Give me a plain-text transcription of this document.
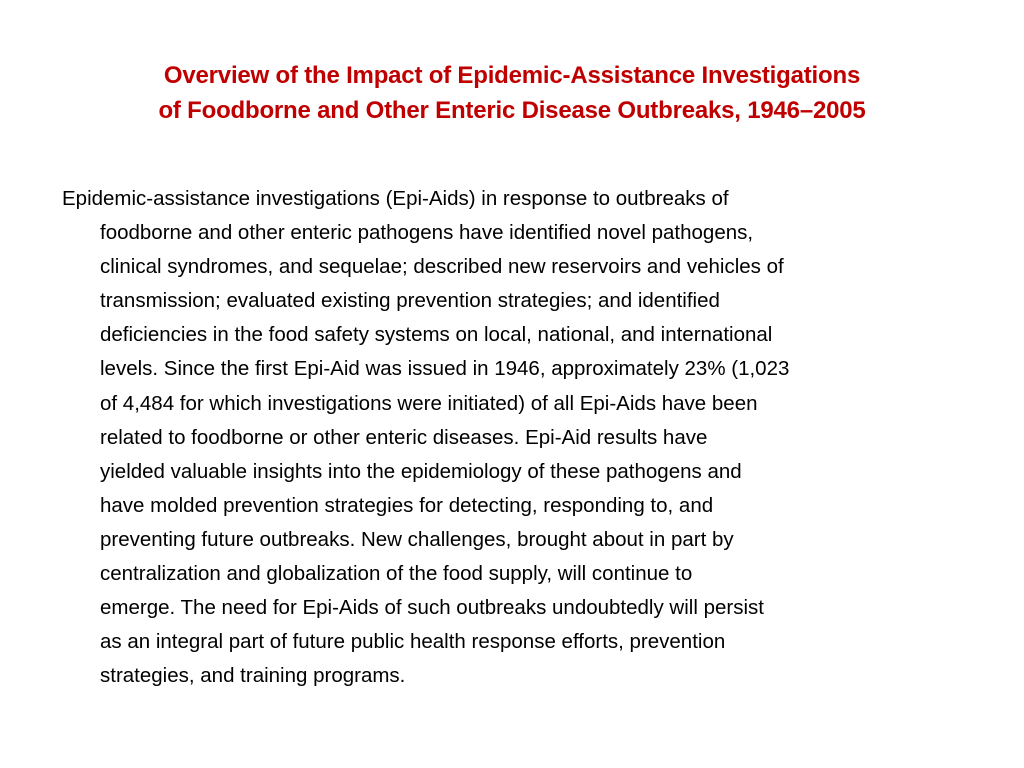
Overview of the Impact of Epidemic-Assistance Investigations
of Foodborne and Other Enteric Disease Outbreaks, 1946–2005

Epidemic-assistance investigations (Epi-Aids) in response to outbreaks of
foodborne and other enteric pathogens have identified novel pathogens,
clinical syndromes, and sequelae; described new reservoirs and vehicles of
transmission; evaluated existing prevention strategies; and identified
deficiencies in the food safety systems on local, national, and international
levels. Since the first Epi-Aid was issued in 1946, approximately 23% (1,023
of 4,484 for which investigations were initiated) of all Epi-Aids have been
related to foodborne or other enteric diseases. Epi-Aid results have
yielded valuable insights into the epidemiology of these pathogens and
have molded prevention strategies for detecting, responding to, and
preventing future outbreaks. New challenges, brought about in part by
centralization and globalization of the food supply, will continue to
emerge. The need for Epi-Aids of such outbreaks undoubtedly will persist
as an integral part of future public health response efforts, prevention
strategies, and training programs.
